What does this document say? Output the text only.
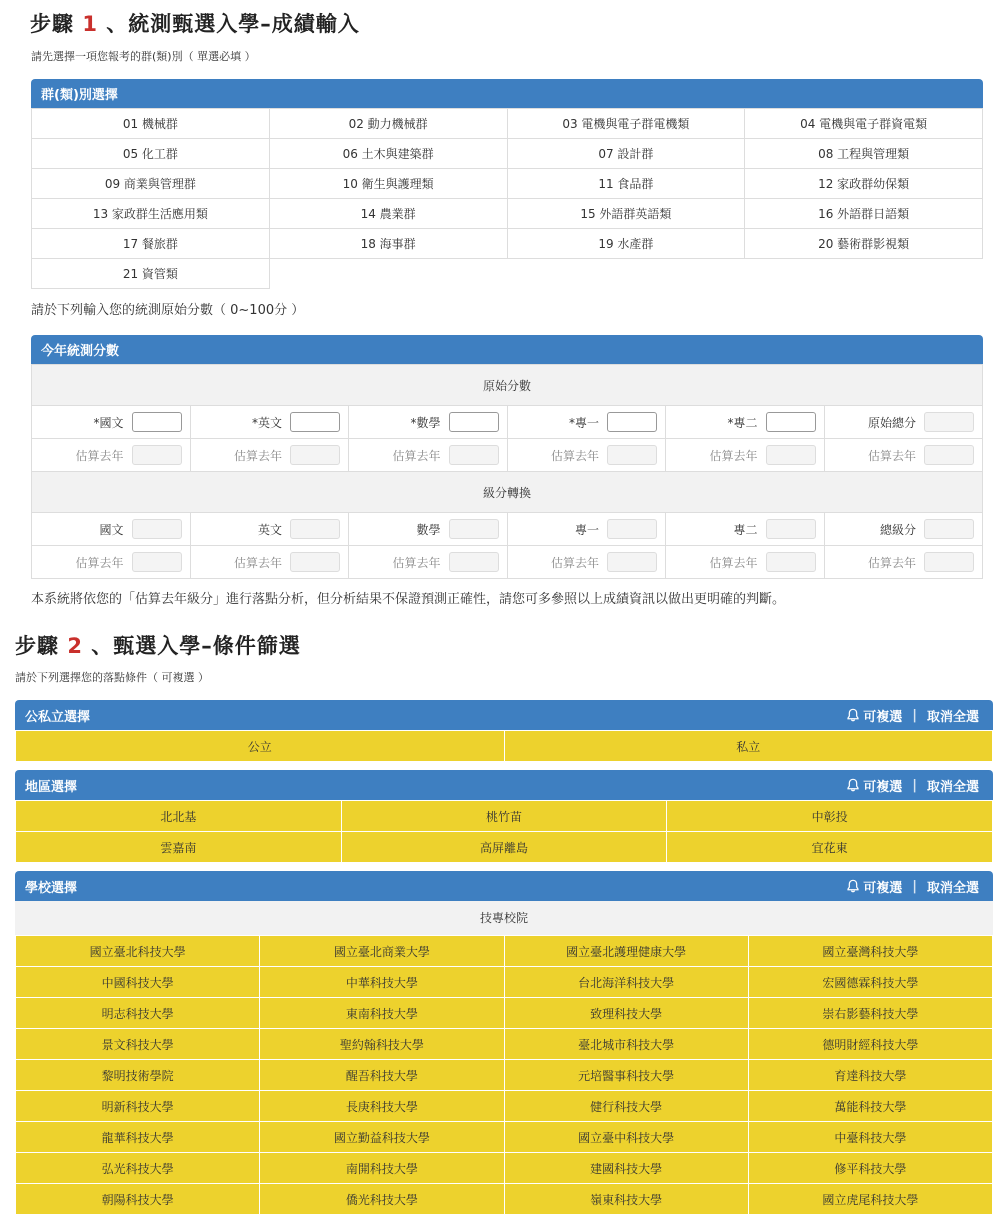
步驟 1 、統測甄選入學–成績輸入
請先選擇一項您報考的群(類)別（ 單選必填 ）
群(類)別選擇
01 機械群	02 動力機械群	03 電機與電子群電機類	04 電機與電子群資電類
05 化工群	06 土木與建築群	07 設計群	08 工程與管理類
09 商業與管理群	10 衛生與護理類	11 食品群	12 家政群幼保類
13 家政群生活應用類	14 農業群	15 外語群英語類	16 外語群日語類
17 餐旅群	18 海事群	19 水產群	20 藝術群影視類
21 資管類			
請於下列輸入您的統測原始分數（ 0~100分 ）
今年統測分數
原始分數					

*國文	*英文	*數學	*專一	*專二	原始總分

估算去年	估算去年	估算去年	估算去年	估算去年	估算去年

級分轉換					

國文	英文	數學	專一	專二	總級分

估算去年	估算去年	估算去年	估算去年	估算去年	估算去年
本系統將依您的「估算去年級分」進行落點分析，但分析結果不保證預測正確性，請您可多參照以上成績資訊以做出更明確的判斷。
步驟 2 、甄選入學–條件篩選
請於下列選擇您的落點條件（ 可複選 ）
公私立選擇	可複選 | 取消全選
公立	私立
地區選擇	可複選 | 取消全選
北北基	桃竹苗	中彰投
雲嘉南	高屏離島	宜花東
學校選擇	可複選 | 取消全選
技專校院
國立臺北科技大學	國立臺北商業大學	國立臺北護理健康大學	國立臺灣科技大學
中國科技大學	中華科技大學	台北海洋科技大學	宏國德霖科技大學
明志科技大學	東南科技大學	致理科技大學	崇右影藝科技大學
景文科技大學	聖約翰科技大學	臺北城市科技大學	德明財經科技大學
黎明技術學院	醒吾科技大學	元培醫事科技大學	育達科技大學
明新科技大學	長庚科技大學	健行科技大學	萬能科技大學
龍華科技大學	國立勤益科技大學	國立臺中科技大學	中臺科技大學
弘光科技大學	南開科技大學	建國科技大學	修平科技大學
朝陽科技大學	僑光科技大學	嶺東科技大學	國立虎尾科技大學
